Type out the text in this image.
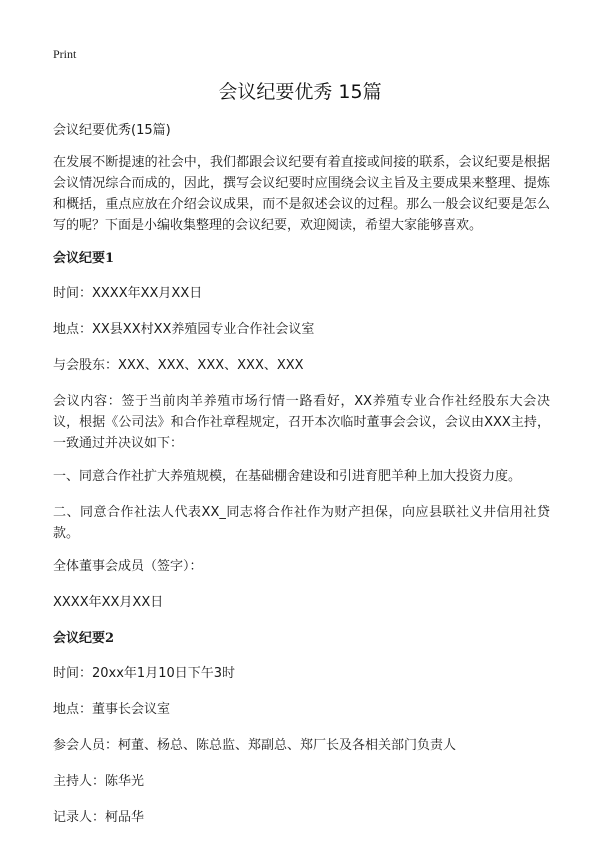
Print
会议纪要优秀 15篇

会议纪要优秀(15篇)

在发展不断提速的社会中，我们都跟会议纪要有着直接或间接的联系，会议纪要是根据会议情况综合而成的，因此，撰写会议纪要时应围绕会议主旨及主要成果来整理、提炼和概括，重点应放在介绍会议成果，而不是叙述会议的过程。那么一般会议纪要是怎么写的呢？下面是小编收集整理的会议纪要，欢迎阅读，希望大家能够喜欢。

会议纪要1

时间：XXXX年XX月XX日

地点：XX县XX村XX养殖园专业合作社会议室

与会股东：XXX、XXX、XXX、XXX、XXX

会议内容：签于当前肉羊养殖市场行情一路看好，XX养殖专业合作社经股东大会决议，根据《公司法》和合作社章程规定，召开本次临时董事会会议，会议由XXX主持，一致通过并决议如下：

一、同意合作社扩大养殖规模，在基础棚舍建设和引进育肥羊种上加大投资力度。

二、同意合作社法人代表XX_同志将合作社作为财产担保，向应县联社义井信用社贷款。

全体董事会成员（签字）：

XXXX年XX月XX日

会议纪要2

时间：20xx年1月10日下午3时

地点：董事长会议室

参会人员：柯董、杨总、陈总监、郑副总、郑厂长及各相关部门负责人

主持人：陈华光

记录人：柯品华
